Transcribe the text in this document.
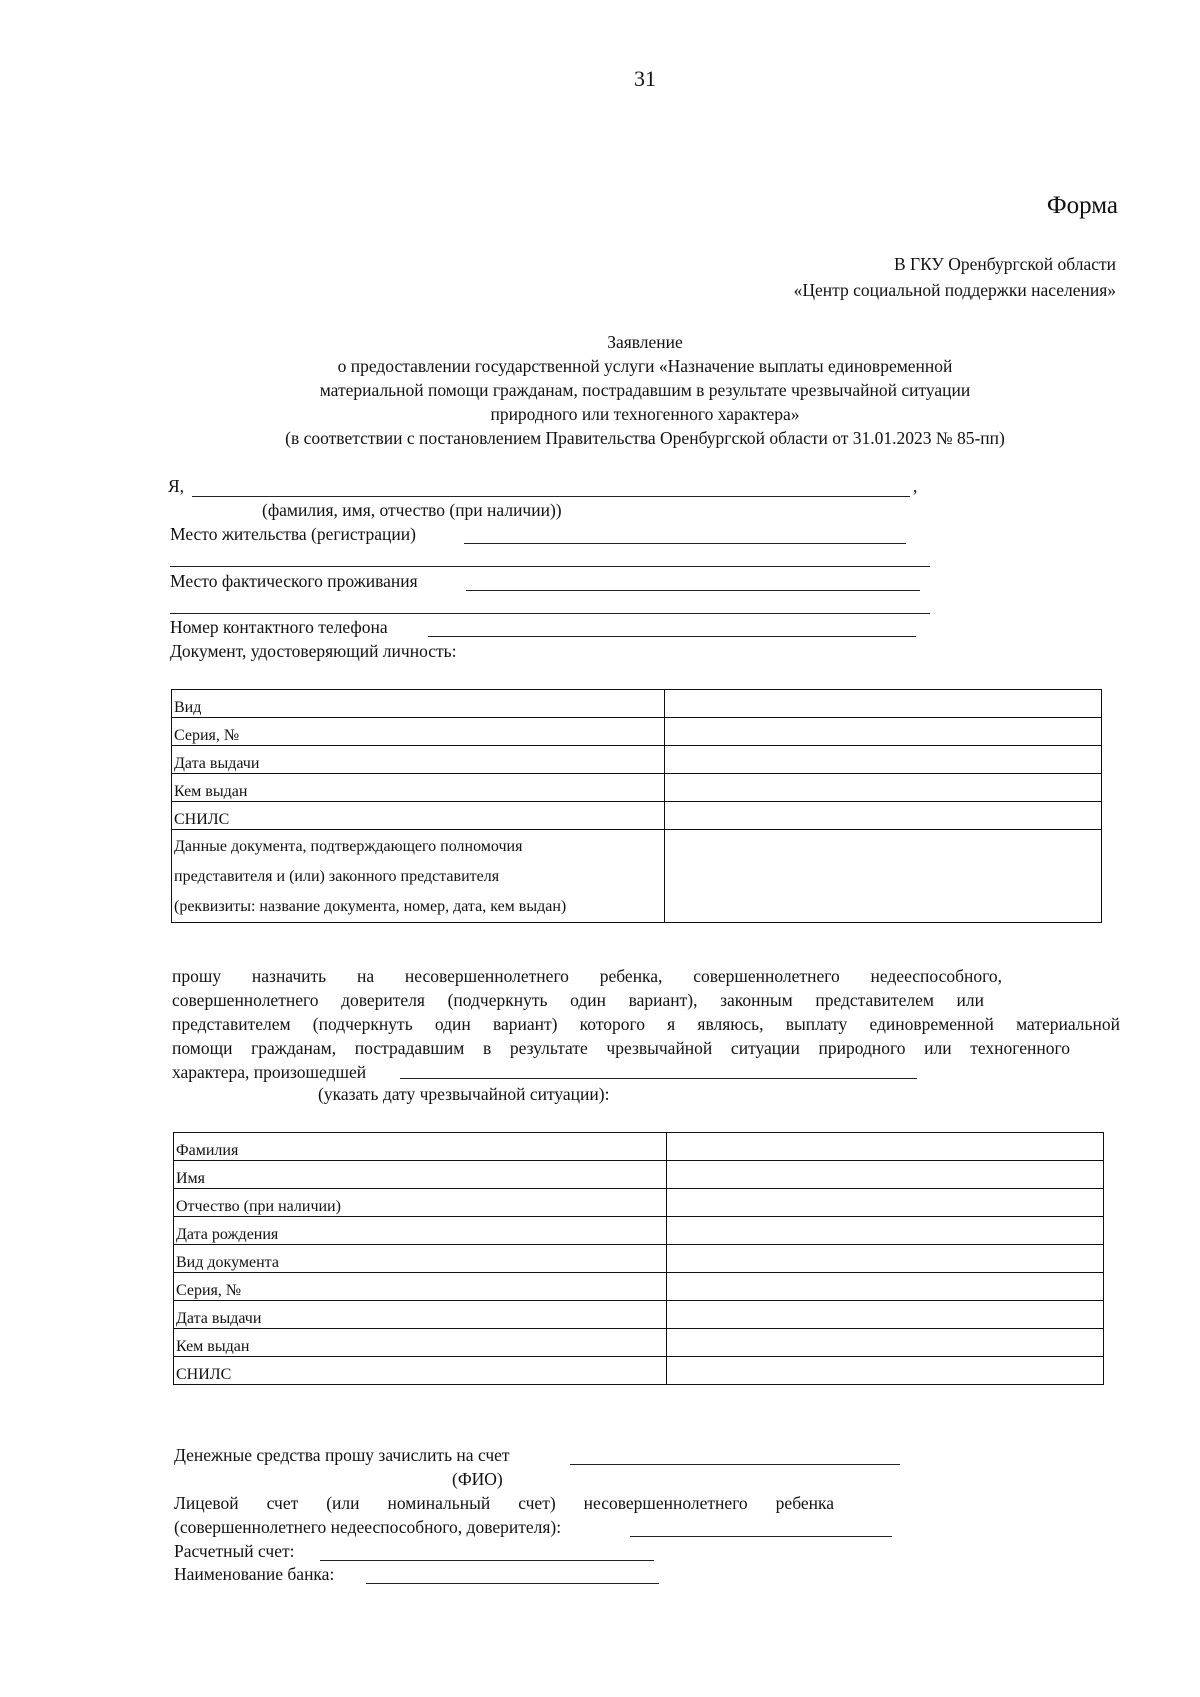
31
Форма
В ГКУ Оренбургской области
«Центр социальной поддержки населения»
Заявление
о предоставлении государственной услуги «Назначение выплаты единовременной
материальной помощи гражданам, пострадавшим в результате чрезвычайной ситуации
природного или техногенного характера»
(в соответствии с постановлением Правительства Оренбургской области от 31.01.2023 № 85-пп)
Я,	,
(фамилия, имя, отчество (при наличии))
Место жительства (регистрации)
Место фактического проживания
Номер контактного телефона
Документ, удостоверяющий личность:
Вид	
Серия, №	
Дата выдачи	
Кем выдан	
СНИЛС	

Данные документа, подтверждающего полномочия
представителя и (или) законного представителя
(реквизиты: название документа, номер, дата, кем выдан)	

прошу назначить на несовершеннолетнего ребенка, совершеннолетнего недееспособного,
совершеннолетнего доверителя (подчеркнуть один вариант), законным представителем или
представителем (подчеркнуть один вариант) которого я являюсь, выплату единовременной материальной
помощи гражданам, пострадавшим в результате чрезвычайной ситуации природного или техногенного
характера, произошедшей
(указать дату чрезвычайной ситуации):
Фамилия	
Имя	
Отчество (при наличии)	
Дата рождения	
Вид документа	
Серия, №	
Дата выдачи	
Кем выдан	
СНИЛС	
Денежные средства прошу зачислить на счет
(ФИО)
Лицевой счет (или номинальный счет) несовершеннолетнего ребенка
(совершеннолетнего недееспособного, доверителя):
Расчетный счет:
Наименование банка:
